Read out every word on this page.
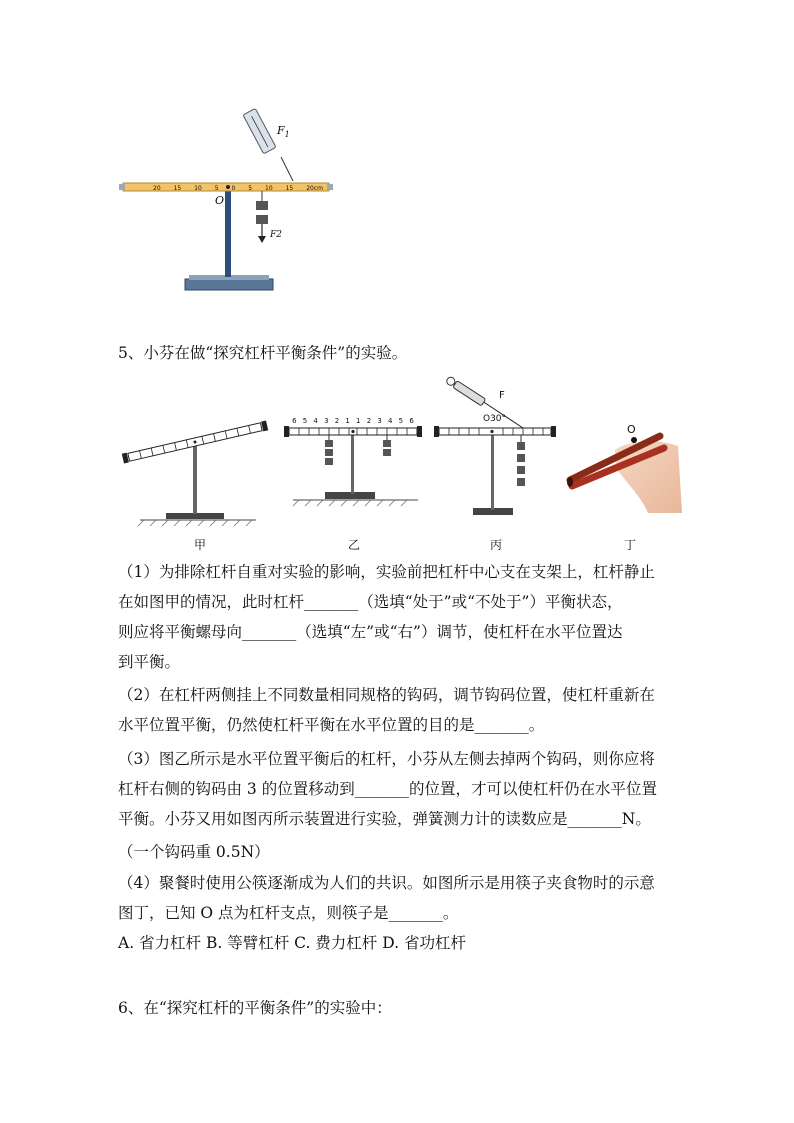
$F_1$
O
F2
20 15 10 5 0 5 10 15 20cm
5、小芬在做“探究杠杆平衡条件”的实验。
6 5 4 3 2 1 1 2 3 4 5 6
F
O30°
O
甲	乙	丙	丁
（1）为排除杠杆自重对实验的影响，实验前把杠杆中心支在支架上，杠杆静止
在如图甲的情况，此时杠杆_______（选填“处于”或“不处于”）平衡状态，
则应将平衡螺母向_______（选填“左”或“右”）调节，使杠杆在水平位置达
到平衡。
（2）在杠杆两侧挂上不同数量相同规格的钩码，调节钩码位置，使杠杆重新在
水平位置平衡，仍然使杠杆平衡在水平位置的目的是_______。
（3）图乙所示是水平位置平衡后的杠杆，小芬从左侧去掉两个钩码，则你应将
杠杆右侧的钩码由 3 的位置移动到_______的位置，才可以使杠杆仍在水平位置
平衡。小芬又用如图丙所示装置进行实验，弹簧测力计的读数应是_______N。
（一个钩码重 0.5N）
（4）聚餐时使用公筷逐渐成为人们的共识。如图所示是用筷子夹食物时的示意
图丁，已知 O 点为杠杆支点，则筷子是_______。
A. 省力杠杆 B. 等臂杠杆 C. 费力杠杆 D. 省功杠杆
6、在“探究杠杆的平衡条件”的实验中：
